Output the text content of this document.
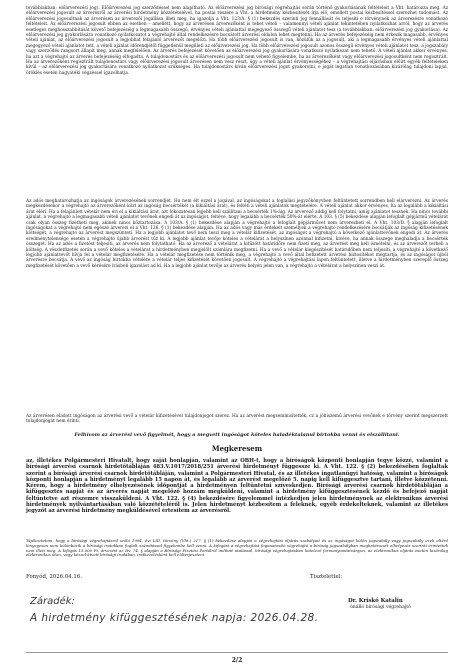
továbbiakban: előárverezési jog). Előárverezési jog szerződéssel nem alapítható. Az előárverezési jog bírósági végrehajtás során történő gyakorlásának feltételeit a Vht. határozza meg. Az előárverezési jogosult az árverésről az árverési hirdetmény közzétételével, ha postai részére a Vht. a hirdetmény kézbesítését írja elő, emellett postai kézbesítéssel szerezhet tudomást. Az előárverezési jogosultnak az árverésen az árverezői jogállása illeti meg, ha igazolja a Vht. 123/A. § (1) bekezdés szerinti jog fennállását és teljesíti e törvénynek az árverezésre vonatkozó feltételeit. Az előárverezési jogosult ebben az esetben – amellett, hogy az árverésen árverezőként is tehet vételi – valamennyi vételi ajánlat tekintetében nyilatkozhat arról, hogy az árverés esetleges meghosszabbítását követő befejezéséig a legmagasabb összegű, érvényes vételi ajánlattal megegyező összegű vételi ajánlatot tesz (a továbbiakban: előárverezési jog gyakorlása). Az előárverezési jog gyakorlására vonatkozó nyilatkozatot a végrehajtó által rendelkezésre bocsátott árverési oldalon lehet megtenni. Ha az árverés befejezéséig nem érkezik magasabb, érvényes vételi ajánlat, az előárverezési jogosult a legjobbat felajánló árverezőt megelőzi. Ha több előárverezési jogosult is van, közülük az a jogosult, aki a legmagasabb érvényes vételi ajánlattal megegyező vételi ajánlatot tett, a vételi ajánlat időrendjétől függetlenül megilleti az előárverezési jog. Ha több előárverezési jogosult azonos összegű érvényes vételi ajánlatot tesz, a jogszabály vagy szerződés rangsort állapít meg, annak megfelelően. Az árverés befejezését követően az előárverezési jog gyakorlására vonatkozó nyilatkozat nem tehető. A vételi ajánlat akkor érvényes, ha azt a végrehajtó az árverés befejezéséig elfogadta. A tulajdonostárs és az előárverezési jogosult nem vehető figyelembe, ha az árverezőként vagy előárverezési jogosultként nem regisztrált. Ha az árverezőként regisztrált tulajdonostárs vagy előárverezési jogosult árverésen nem vesz részt, úgy a vételi ajánlat érvényességéhez – a végrehajtási eljárásban előírt egyéb feltételeken kívül – az előárverezési jog gyakorlására vonatkozó nyilatkozat szükséges. Ha tulajdonostárs kíván előárverezési jogot gyakorolni, e jogát ingatlan vonatkozásában kizárólag tulajdoni lapjal, öröklés esetén hagyatéki végzéssel igazolhatja.
Az adós meghatározhatja az ingóságok árverezésének sorrendjét. Ha nem élt ezzel a jogával, az ingóságokat a foglalási jegyzőkönyvben feltüntetett sorrendben kell elárverezni. Az árverés megkezdésekor a végrehajtó az árverezőként közt az ingóság becsértékét (a kikiáltási árat), és feltéti a vételi ajánlatok megtételére. A vételi ajánlat akkor érvényes, ha az legalább a kikiáltási árat eléri. Ha a felajánlott vételár nem éri el a kikiáltási árat, azt fokozatosan lejjebb kell szállítani a becsérték 1%-áig. Az árverező addig kell folytatni, amíg ajánlatot tesznek. Ha nincs további ajánlat, a végrehajtó a legmagasabb vételi ajánlatot tevőnek engedi át az ingóságot, feltéve, hogy legalább a becsérték 50%-át elérte. A 103. § (5) bekezdése alapján lefoglalt gépjármű vételárát csak olyan összeg fizetheti meg, akinek nincs köztartozása. A 103/A. § (1) bekezdése alapján a végrehajtó a lefoglalt gépjárművet nem árverezheti el. A Vht. 103/D. § alapján lefoglalt ingóságokat a végrehajtó nem egészé árverezi el a Vht. 126. § (1) bekezdése alapján. Ha az adós vagy más érdekelt személyek a végrehajtó rendelkezésére bocsátják az ingóság kifizetésének költségét, a végrehajtó az árverést megszünteti. Ha a legjobb ajánlatot tevő nem teszi meg a vételár kifizetését, az ingóságot a végrehajtó a következő ajánlattevőnek engedi át. Az árverés eredménytelensége esetén a végrehajtó újabb árverést tűz ki. A legjobb ajánlat tevője köteles a vételárat a helyszínen azonnal kifizetni, kivéve, ha annak összege meghaladja a becsérték összegét. Ha az adós a fizetést teljesíti, az árverés nem folytatható. Ha az árverező a vételárat a kitűzött határidőre nem fizeti meg, az árverést meg kell ismételni, és az árverezőt terheli a költség. A részletfizetés során a vevő köteles a vételárat a hirdetményben megjelölt számlára megfizetni. Ha a vevő a vételár kiegészítését határidőben nem teljesíti, a végrehajtó a következő legjobb ajánlattevőt hívja fel a vételár megfizetésére. Ha a vételár megfizetése nem történik meg, a végrehajtó a vevő által befizetett árverési biztosítékot megtartja, és az ingóságot újból árverésre bocsátja. A vevő az ingóság birtokba vételére a vételár teljes kifizetését követően jogosult. A végrehajtó a végrehajtási lapon feltüntetett, illetve a hirdetményben szereplő összeg megfizetését követően a vevő kérésére írásbeli igazolást ad ki. Ha a legjobb ajánlat tevője az árverés helyén jelen van, a végrehajtó a vételárat a helyszínen veszi át.
Az árverésen eladott ingóságon az árverési vevő a vételár kifizetésével tulajdonjogot szerez. Ha az árverést megsemmisítették, cz a jóhiszemű árverési vevőnek e törvény szerint megszerzett tulajdonjogát nem érinti.
Felhívom az árverési vevő figyelmét, hogy a megvett ingóságot köteles haladéktalanul birtokba venni és elszállítani.
Megkeresem
az, illetékes Polgármesteri Hivatalt, hogy saját honlapján, valamint az OBH-t, hogy a bíróságok központi honlapján tegye közzé, valamint a bírósági árverési csarnok hirdetőtábláján 483.V.1017/2018/251 árverési hirdetményt függessze ki. A Vht. 122. § (2) bekezdésében foglaltak szerint a bírósági árverési csarnok hirdetőtábláján, valamint a Polgármesteri Hivatal, és az illetékes ingatlanügyi hatóság, valamint a bíróságok központi honlapján a hirdetményt legalább 15 napon át, és legalább az árverést megelőző 5. napig kell kifüggesztve tartani, illetve közzétenni. Kérem, hogy a hirdetmény elhelyezésének időpontját a hirdetményen feltüntetni szíveskedjen. Bírósági árverési csarnok hirdetőtábláján a kifüggesztés napját és az árverés napját megelőző hozzám megküldeni, valamint a hirdetmény kifüggesztésének kezdő és befejező napját feltüntetve azt részemre visszaküldeni. A Vht. 122. § (4) bekezdésére figyelemmel intézkedjen jelen hirdetménynek az elektronikus árverési hirdetmények nyilvántartásában való közzétételéről is. Jelen hirdetményt kézbesítem a feleknek, egyéb érdekelteknek, valamint az illetékes jegyzőt az árverési hirdetmény megküldésével értesítem az árverésről.
Tájékoztatom, hogy a bírósági végrehajtásról szóló 1994. évi LIII. törvény (Vht.) 217. § (1) bekezdése alapján a végrehajtási eljárás szabályait és az ingóságot külön jogszabály vagy jogszabály ezek eltérő lényegesen nem különbözik a bírósági iratokban foglalt számítással figyelembe kell venni. A kifogást a végrehajtást foganatosító végrehajtó a bíróság jogszabályban meghatározott elhelyezés szerinti érintettek nem illeti meg. A kifogás 15.000 Ft, árverést az Itv. 74. § alapján a Bírósági Fizetési Portálról indított utalással, bírósági végrehajtásban kötelező formanyomtatványon, az elektronikus eljárás esetén kizárólag elektronikus úton, vagy kézzel-átvett bírósági irodában, iratkezelésként kell előterjeszteni.
Fonyód, 2026.04.16.	Tisztelettel:
Záradék:
A hirdetmény kifüggesztésének napja: 2026.04.28.
Dr. Kriskó Katalin
önálló bírósági végrehajtó
2/2
